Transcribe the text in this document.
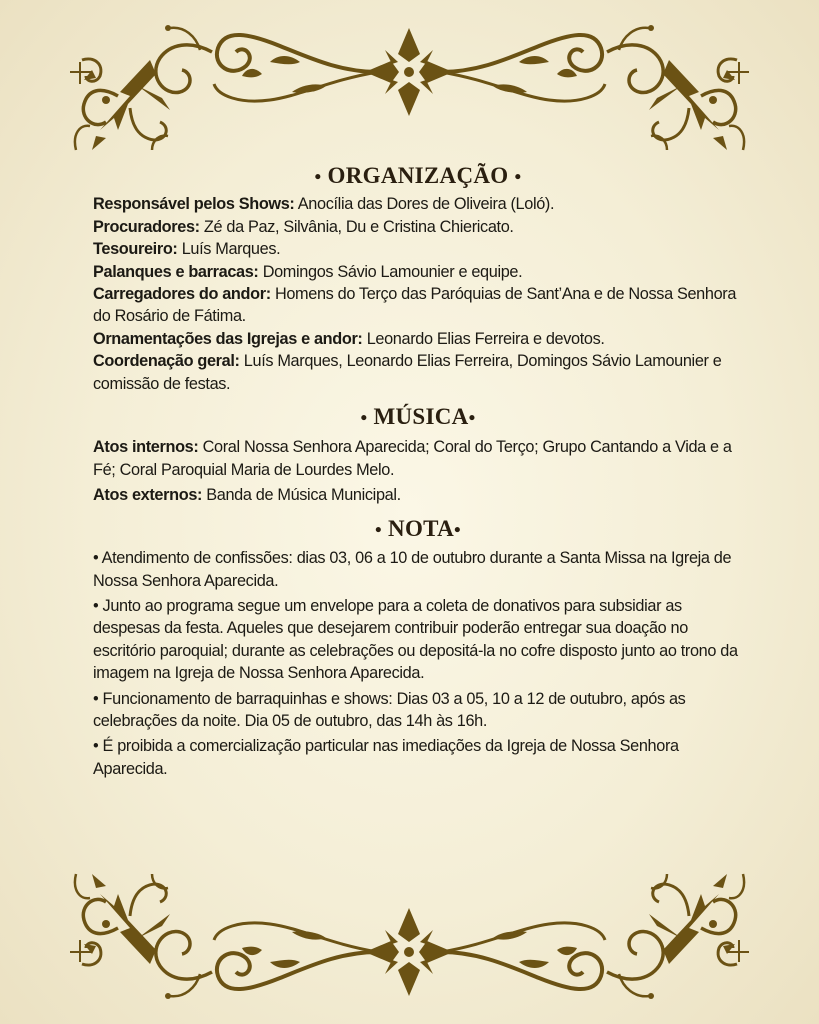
• ORGANIZAÇÃO •

Responsável pelos Shows: Anocília das Dores de Oliveira (Loló).

Procuradores: Zé da Paz, Silvânia, Du e Cristina Chiericato.

Tesoureiro: Luís Marques.

Palanques e barracas: Domingos Sávio Lamounier e equipe.

Carregadores do andor: Homens do Terço das Paróquias de Sant’Ana e de Nossa Senhora do Rosário de Fátima.

Ornamentações das Igrejas e andor: Leonardo Elias Ferreira e devotos.

Coordenação geral: Luís Marques, Leonardo Elias Ferreira, Domingos Sávio Lamounier e comissão de festas.

• MÚSICA•

Atos internos: Coral Nossa Senhora Aparecida; Coral do Terço; Grupo Cantando a Vida e a Fé; Coral Paroquial Maria de Lourdes Melo.

Atos externos: Banda de Música Municipal.

• NOTA•

• Atendimento de confissões: dias 03, 06 a 10 de outubro durante a Santa Missa na Igreja de Nossa Senhora Aparecida.

• Junto ao programa segue um envelope para a coleta de donativos para subsidiar as despesas da festa. Aqueles que desejarem contribuir poderão entregar sua doação no escritório paroquial; durante as celebrações ou depositá-la no cofre disposto junto ao trono da imagem na Igreja de Nossa Senhora Aparecida.

• Funcionamento de barraquinhas e shows: Dias 03 a 05, 10 a 12 de outubro, após as celebrações da noite. Dia 05 de outubro, das 14h às 16h.

• É proibida a comercialização particular nas imediações da Igreja de Nossa Senhora Aparecida.
